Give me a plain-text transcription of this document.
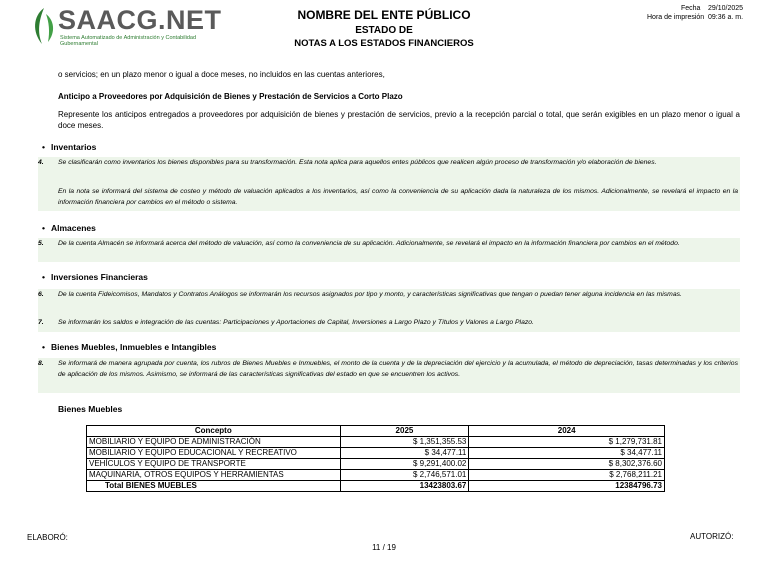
SAACG.NET
Sistema Automatizado de Administración y Contabilidad Gubernamental
NOMBRE DEL ENTE PÚBLICO
ESTADO DE
NOTAS A LOS ESTADOS FINANCIEROS
Fecha 29/10/2025
Hora de impresión 09:36 a. m.
o servicios; en un plazo menor o igual a doce meses, no incluidos en las cuentas anteriores,
Anticipo a Proveedores por Adquisición de Bienes y Prestación de Servicios a Corto Plazo
Represente los anticipos entregados a proveedores por adquisición de bienes y prestación de servicios, previo a la recepción parcial o total, que serán exigibles en un plazo menor o igual a doce meses.
• Inventarios
4. Se clasificarán como inventarios los bienes disponibles para su transformación. Esta nota aplica para aquellos entes públicos que realicen algún proceso de transformación y/o elaboración de bienes.
En la nota se informará del sistema de costeo y método de valuación aplicados a los inventarios, así como la conveniencia de su aplicación dada la naturaleza de los mismos. Adicionalmente, se revelará el impacto en la información financiera por cambios en el método o sistema.
• Almacenes
5. De la cuenta Almacén se informará acerca del método de valuación, así como la conveniencia de su aplicación. Adicionalmente, se revelará el impacto en la información financiera por cambios en el método.
• Inversiones Financieras
6. De la cuenta Fideicomisos, Mandatos y Contratos Análogos se informarán los recursos asignados por tipo y monto, y características significativas que tengan o puedan tener alguna incidencia en las mismas.
7. Se informarán los saldos e integración de las cuentas: Participaciones y Aportaciones de Capital, Inversiones a Largo Plazo y Títulos y Valores a Largo Plazo.
• Bienes Muebles, Inmuebles e Intangibles
8. Se informará de manera agrupada por cuenta, los rubros de Bienes Muebles e Inmuebles, el monto de la cuenta y de la depreciación del ejercicio y la acumulada, el método de depreciación, tasas determinadas y los criterios de aplicación de los mismos. Asimismo, se informará de las características significativas del estado en que se encuentren los activos.
Bienes Muebles
Concepto	2025	2024
MOBILIARIO Y EQUIPO DE ADMINISTRACIÓN	$ 1,351,355.53	$ 1,279,731.81
MOBILIARIO Y EQUIPO EDUCACIONAL Y RECREATIVO	$ 34,477.11	$ 34,477.11
VEHÍCULOS Y EQUIPO DE TRANSPORTE	$ 9,291,400.02	$ 8,302,376.60
MAQUINARIA, OTROS EQUIPOS Y HERRAMIENTAS	$ 2,746,571.01	$ 2,768,211.21
Total BIENES MUEBLES	13423803.67	12384796.73
ELABORÓ:	AUTORIZÓ:
11 / 19
